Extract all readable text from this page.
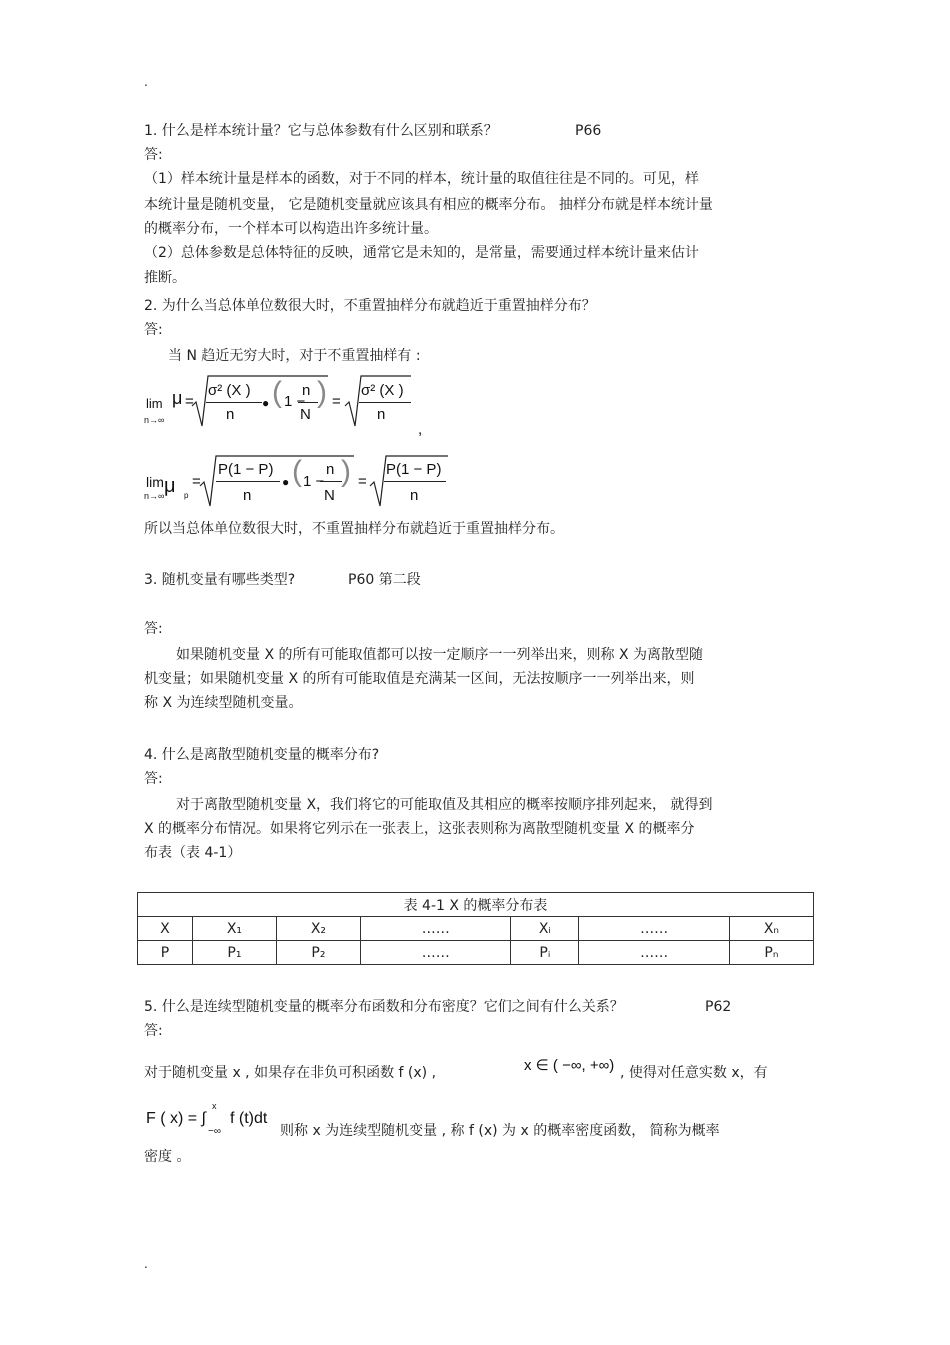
.
1. 什么是样本统计量？它与总体参数有什么区别和联系？	P66
答:
（1）样本统计量是样本的函数，对于不同的样本，统计量的取值往往是不同的。可见，样
本统计量是随机变量， 它是随机变量就应该具有相应的概率分布。 抽样分布就是样本统计量
的概率分布，一个样本可以构造出许多统计量。
（2）总体参数是总体特征的反映，通常它是未知的，是常量，需要通过样本统计量来估计
推断。
2. 为什么当总体单位数很大时，不重置抽样分布就趋近于重置抽样分布？
答:
当 N 趋近无穷大时，对于不重置抽样有 :
lim
n→∞
μ =
σ² (X )
n
● ( 1 −
n
N
) =
σ² (X )
n
,
lim
n→∞ μ p
=
P(1 − P)
n
● ( 1 −
n
N
) =
P(1 − P)
n
所以当总体单位数很大时，不重置抽样分布就趋近于重置抽样分布。
3. 随机变量有哪些类型?	P60 第二段
答:
如果随机变量 X 的所有可能取值都可以按一定顺序一一列举出来，则称 X 为离散型随
机变量；如果随机变量 X 的所有可能取值是充满某一区间，无法按顺序一一列举出来，则
称 X 为连续型随机变量。
4. 什么是离散型随机变量的概率分布?
答:
对于离散型随机变量 X，我们将它的可能取值及其相应的概率按顺序排列起来， 就得到
X 的概率分布情况。如果将它列示在一张表上，这张表则称为离散型随机变量 X 的概率分
布表（表 4-1）
表 4-1 X 的概率分布表						
X	X₁	X₂	……	Xᵢ	……	Xₙ
P	P₁	P₂	……	Pᵢ	……	Pₙ
5. 什么是连续型随机变量的概率分布函数和分布密度？它们之间有什么关系？	P62
答:
对于随机变量 x , 如果存在非负可积函数 f (x) ,	x ∈ ( −∞, +∞) , 使得对任意实数 x，有
F ( x) = ∫
x
−∞
f (t)dt
则称 x 为连续型随机变量 , 称 f (x) 为 x 的概率密度函数， 简称为概率
密度 。
.
